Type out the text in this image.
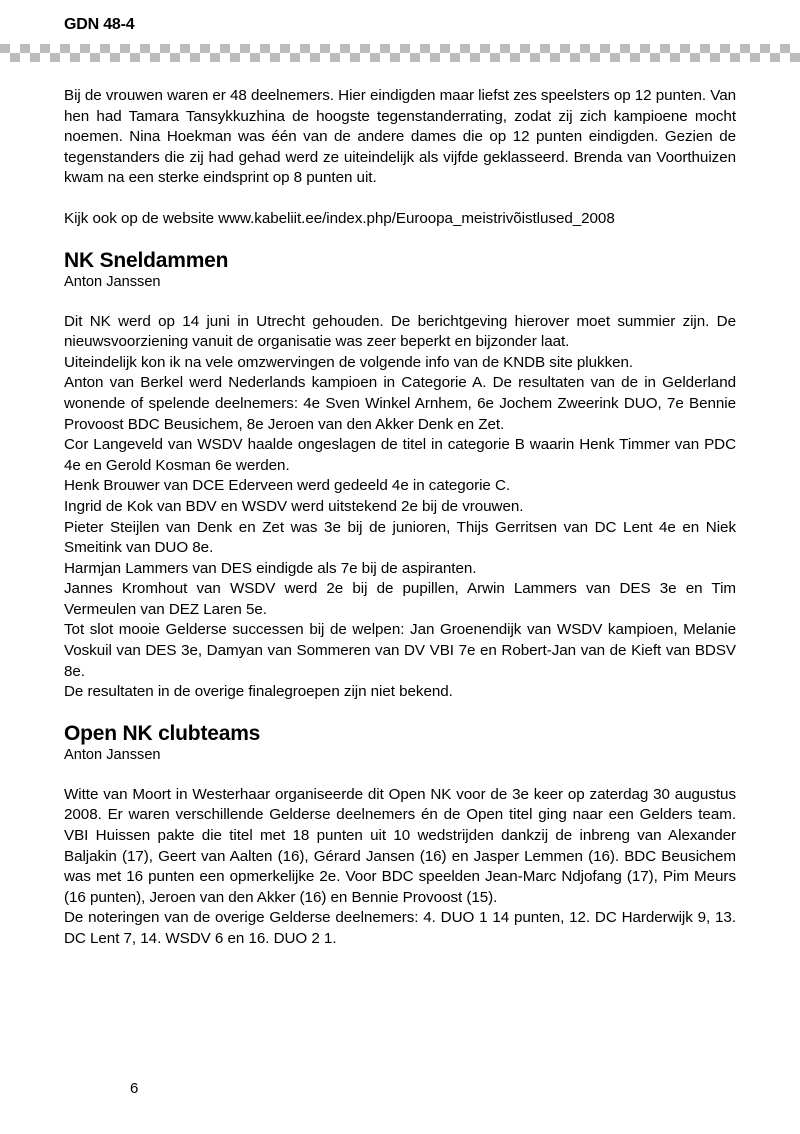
GDN 48-4

Bij de vrouwen waren er 48 deelnemers. Hier eindigden maar liefst zes speelsters op 12 punten. Van hen had Tamara Tansykkuzhina de hoogste tegenstanderrating, zodat zij zich kampioene mocht noemen. Nina Hoekman was één van de andere dames die op 12 punten eindigden. Gezien de tegenstanders die zij had gehad werd ze uiteindelijk als vijfde geklasseerd. Brenda van Voorthuizen kwam na een sterke eindsprint op 8 punten uit.

Kijk ook op de website www.kabeliit.ee/index.php/Euroopa_meistrivõistlused_2008

NK Sneldammen

Anton Janssen

Dit NK werd op 14 juni in Utrecht gehouden. De berichtgeving hierover moet summier zijn. De nieuwsvoorziening vanuit de organisatie was zeer beperkt en bijzonder laat.

Uiteindelijk kon ik na vele omzwervingen de volgende info van de KNDB site plukken.

Anton van Berkel werd Nederlands kampioen in Categorie A. De resultaten van de in Gelderland wonende of spelende deelnemers: 4e Sven Winkel Arnhem, 6e Jochem Zweerink DUO, 7e Bennie Provoost BDC Beusichem, 8e Jeroen van den Akker Denk en Zet.

Cor Langeveld van WSDV haalde ongeslagen de titel in categorie B waarin Henk Timmer van PDC 4e en Gerold Kosman 6e werden.

Henk Brouwer van DCE Ederveen werd gedeeld 4e in categorie C.

Ingrid de Kok van BDV en WSDV werd uitstekend 2e bij de vrouwen.

Pieter Steijlen van Denk en Zet was 3e bij de junioren, Thijs Gerritsen van DC Lent 4e en Niek Smeitink van DUO 8e.

Harmjan Lammers van DES eindigde als 7e bij de aspiranten.

Jannes Kromhout van WSDV werd 2e bij de pupillen, Arwin Lammers van DES 3e en Tim Vermeulen van DEZ Laren 5e.

Tot slot mooie Gelderse successen bij de welpen: Jan Groenendijk van WSDV kampioen, Melanie Voskuil van DES 3e, Damyan van Sommeren van DV VBI 7e en Robert-Jan van de Kieft van BDSV 8e.

De resultaten in de overige finalegroepen zijn niet bekend.

Open NK clubteams

Anton Janssen

Witte van Moort in Westerhaar organiseerde dit Open NK voor de 3e keer op zaterdag 30 augustus 2008. Er waren verschillende Gelderse deelnemers én de Open titel ging naar een Gelders team. VBI Huissen pakte die titel met 18 punten uit 10 wedstrijden dankzij de inbreng van Alexander Baljakin (17), Geert van Aalten (16), Gérard Jansen (16) en Jasper Lemmen (16). BDC Beusichem was met 16 punten een opmerkelijke 2e. Voor BDC speelden Jean-Marc Ndjofang (17), Pim Meurs (16 punten), Jeroen van den Akker (16) en Bennie Provoost (15).

De noteringen van de overige Gelderse deelnemers: 4. DUO 1 14 punten, 12. DC Harderwijk 9, 13. DC Lent 7, 14. WSDV 6 en 16. DUO 2 1.

6
